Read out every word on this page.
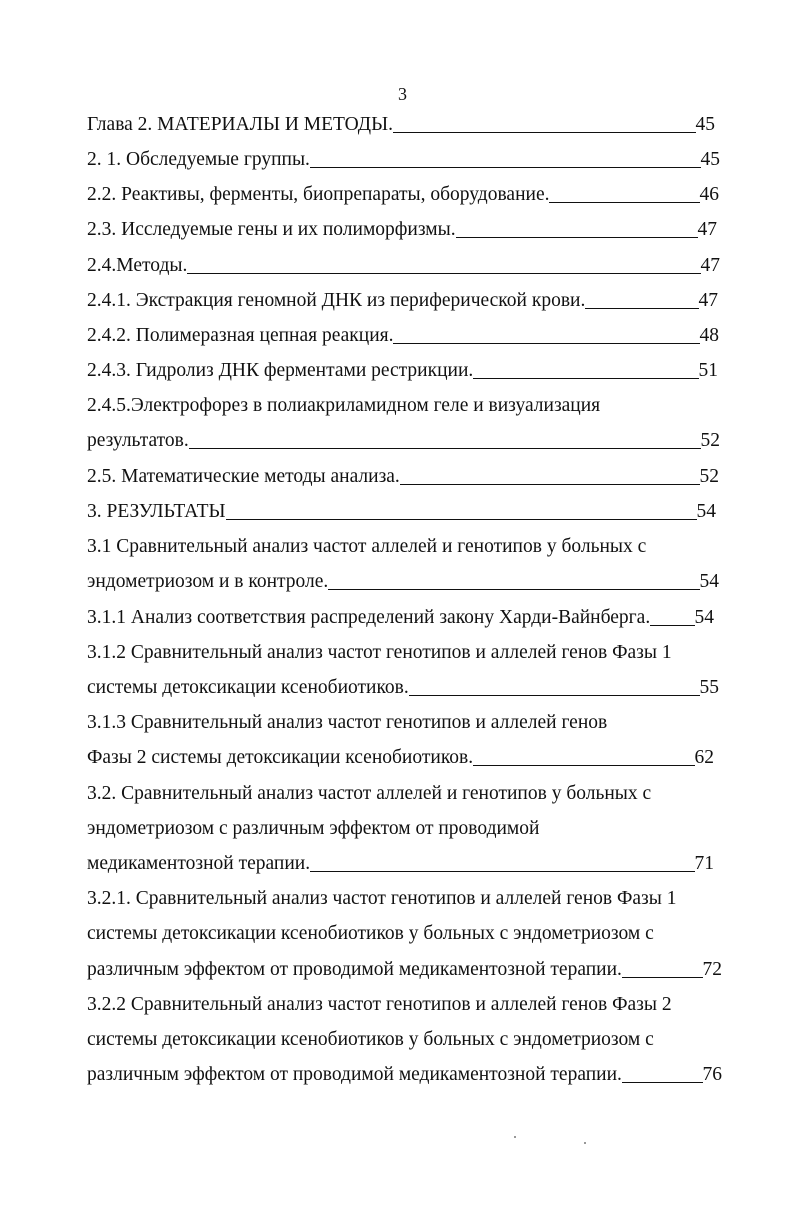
3
Глава 2. МАТЕРИАЛЫ И МЕТОДЫ.	45
2. 1. Обследуемые группы.	45
2.2. Реактивы, ферменты, биопрепараты, оборудование.	46
2.3. Исследуемые гены и их полиморфизмы.	47
2.4.Методы.	47
2.4.1. Экстракция геномной ДНК из периферической крови.	47
2.4.2. Полимеразная цепная реакция.	48
2.4.3. Гидролиз ДНК ферментами рестрикции.	51
2.4.5.Электрофорез в полиакриламидном геле и визуализация
результатов.	52
2.5. Математические методы анализа.	52
3. РЕЗУЛЬТАТЫ	54
3.1 Сравнительный анализ частот аллелей и генотипов у больных с
эндометриозом и в контроле.	54
3.1.1 Анализ соответствия распределений закону Харди-Вайнберга. 54
3.1.2 Сравнительный анализ частот генотипов и аллелей генов Фазы 1
системы детоксикации ксенобиотиков.	55
3.1.3 Сравнительный анализ частот генотипов и аллелей генов
Фазы 2 системы детоксикации ксенобиотиков.	62
3.2. Сравнительный анализ частот аллелей и генотипов у больных с
эндометриозом с различным эффектом от проводимой
медикаментозной терапии.	71
3.2.1. Сравнительный анализ частот генотипов и аллелей генов Фазы 1
системы детоксикации ксенобиотиков у больных с эндометриозом с
различным эффектом от проводимой медикаментозной терапии.	72
3.2.2 Сравнительный анализ частот генотипов и аллелей генов Фазы 2
системы детоксикации ксенобиотиков у больных с эндометриозом с
различным эффектом от проводимой медикаментозной терапии.	76
